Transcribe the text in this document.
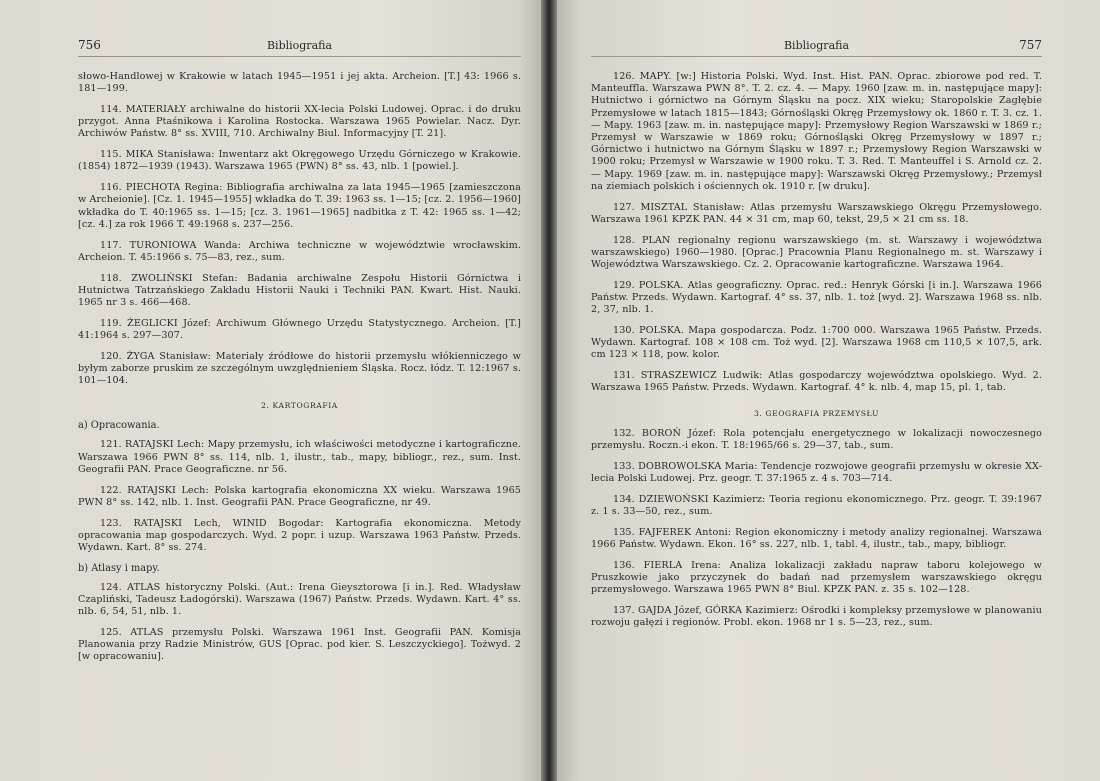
756	Bibliografia

słowo-Handlowej w Krakowie w latach 1945—1951 i jej akta. Archeion. [T.] 43: 1966 s. 181—199.

114. MATERIAŁY archiwalne do historii XX-lecia Polski Ludowej. Oprac. i do druku przygot. Anna Ptaśnikowa i Karolina Rostocka. Warszawa 1965 Powielar. Nacz. Dyr. Archiwów Państw. 8° ss. XVIII, 710. Archiwalny Biul. Informacyjny [T. 21].

115. MIKA Stanisława: Inwentarz akt Okręgowego Urzędu Górniczego w Krakowie. (1854) 1872—1939 (1943). Warszawa 1965 (PWN) 8° ss. 43, nlb. 1 [powiel.].

116. PIECHOTA Regina: Bibliografia archiwalna za lata 1945—1965 [zamieszczona w Archeionie]. [Cz. 1. 1945—1955] wkładka do T. 39: 1963 ss. 1—15; [cz. 2. 1956—1960] wkładka do T. 40:1965 ss. 1—15; [cz. 3. 1961—1965] nadbitka z T. 42: 1965 ss. 1—42; [cz. 4.] za rok 1966 T. 49:1968 s. 237—256.

117. TURONIOWA Wanda: Archiwa techniczne w województwie wrocławskim. Archeion. T. 45:1966 s. 75—83, rez., sum.

118. ZWOLIŃSKI Stefan: Badania archiwalne Zespołu Historii Górnictwa i Hutnictwa Tatrzańskiego Zakładu Historii Nauki i Techniki PAN. Kwart. Hist. Nauki. 1965 nr 3 s. 466—468.

119. ŻEGLICKI Józef: Archiwum Głównego Urzędu Statystycznego. Archeion. [T.] 41:1964 s. 297—307.

120. ŻYGA Stanisław: Materiały źródłowe do historii przemysłu włókienniczego w byłym zaborze pruskim ze szczególnym uwzględnieniem Śląska. Rocz. łódz. T. 12:1967 s. 101—104.

2. KARTOGRAFIA
a) Opracowania.

121. RATAJSKI Lech: Mapy przemysłu, ich właściwości metodyczne i kartograficzne. Warszawa 1966 PWN 8° ss. 114, nlb. 1, ilustr., tab., mapy, bibliogr., rez., sum. Inst. Geografii PAN. Prace Geograficzne. nr 56.

122. RATAJSKI Lech: Polska kartografia ekonomiczna XX wieku. Warszawa 1965 PWN 8° ss. 142, nlb. 1. Inst. Geografii PAN. Prace Geograficzne, nr 49.

123. RATAJSKI Lech, WINID Bogodar: Kartografia ekonomiczna. Metody opracowania map gospodarczych. Wyd. 2 popr. i uzup. Warszawa 1963 Państw. Przeds. Wydawn. Kart. 8° ss. 274.

b) Atlasy i mapy.

124. ATLAS historyczny Polski. (Aut.: Irena Gieysztorowa [i in.]. Red. Władysław Czapliński, Tadeusz Ładogórski). Warszawa (1967) Państw. Przeds. Wydawn. Kart. 4° ss. nlb. 6, 54, 51, nlb. 1.

125. ATLAS przemysłu Polski. Warszawa 1961 Inst. Geografii PAN. Komisja Planowania przy Radzie Ministrów, GUS [Oprac. pod kier. S. Leszczyckiego]. Tożwyd. 2 [w opracowaniu].

Bibliografia	757

126. MAPY. [w:] Historia Polski. Wyd. Inst. Hist. PAN. Oprac. zbiorowe pod red. T. Manteuffla. Warszawa PWN 8°. T. 2. cz. 4. — Mapy. 1960 [zaw. m. in. następujące mapy]: Hutnictwo i górnictwo na Górnym Śląsku na pocz. XIX wieku; Staropolskie Zagłębie Przemysłowe w latach 1815—1843; Górnośląski Okręg Przemysłowy ok. 1860 r. T. 3. cz. 1. — Mapy. 1963 [zaw. m. in. następujące mapy]: Przemysłowy Region Warszawski w 1869 r.; Przemysł w Warszawie w 1869 roku; Górnośląski Okręg Przemysłowy w 1897 r.; Górnictwo i hutnictwo na Górnym Śląsku w 1897 r.; Przemysłowy Region Warszawski w 1900 roku; Przemysł w Warszawie w 1900 roku. T. 3. Red. T. Manteuffel i S. Arnold cz. 2. — Mapy. 1969 [zaw. m. in. następujące mapy]: Warszawski Okręg Przemysłowy.; Przemysł na ziemiach polskich i ościennych ok. 1910 r. [w druku].

127. MISZTAL Stanisław: Atlas przemysłu Warszawskiego Okręgu Przemysłowego. Warszawa 1961 KPZK PAN. 44 × 31 cm, map 60, tekst, 29,5 × 21 cm ss. 18.

128. PLAN regionalny regionu warszawskiego (m. st. Warszawy i województwa warszawskiego) 1960—1980. [Oprac.] Pracownia Planu Regionalnego m. st. Warszawy i Województwa Warszawskiego. Cz. 2. Opracowanie kartograficzne. Warszawa 1964.

129. POLSKA. Atlas geograficzny. Oprac. red.: Henryk Górski [i in.]. Warszawa 1966 Państw. Przeds. Wydawn. Kartograf. 4° ss. 37, nlb. 1. toż [wyd. 2]. Warszawa 1968 ss. nlb. 2, 37, nlb. 1.

130. POLSKA. Mapa gospodarcza. Podz. 1:700 000. Warszawa 1965 Państw. Przeds. Wydawn. Kartograf. 108 × 108 cm. Toż wyd. [2]. Warszawa 1968 cm 110,5 × 107,5, ark. cm 123 × 118, pow. kolor.

131. STRASZEWICZ Ludwik: Atlas gospodarczy województwa opolskiego. Wyd. 2. Warszawa 1965 Państw. Przeds. Wydawn. Kartograf. 4° k. nlb. 4, map 15, pl. 1, tab.

3. GEOGRAFIA PRZEMYSŁU

132. BOROŃ Józef: Rola potencjału energetycznego w lokalizacji nowoczesnego przemysłu. Roczn.-i ekon. T. 18:1965/66 s. 29—37, tab., sum.

133. DOBROWOLSKA Maria: Tendencje rozwojowe geografii przemysłu w okresie XX-lecia Polski Ludowej. Prz. geogr. T. 37:1965 z. 4 s. 703—714.

134. DZIEWOŃSKI Kazimierz: Teoria regionu ekonomicznego. Prz. geogr. T. 39:1967 z. 1 s. 33—50, rez., sum.

135. FAJFEREK Antoni: Region ekonomiczny i metody analizy regionalnej. Warszawa 1966 Państw. Wydawn. Ekon. 16° ss. 227, nlb. 1, tabl. 4, ilustr., tab., mapy, bibliogr.

136. FIERLA Irena: Analiza lokalizacji zakładu napraw taboru kolejowego w Pruszkowie jako przyczynek do badań nad przemysłem warszawskiego okręgu przemysłowego. Warszawa 1965 PWN 8° Biul. KPZK PAN. z. 35 s. 102—128.

137. GAJDA Józef, GÓRKA Kazimierz: Ośrodki i kompleksy przemysłowe w planowaniu rozwoju gałęzi i regionów. Probl. ekon. 1968 nr 1 s. 5—23, rez., sum.
